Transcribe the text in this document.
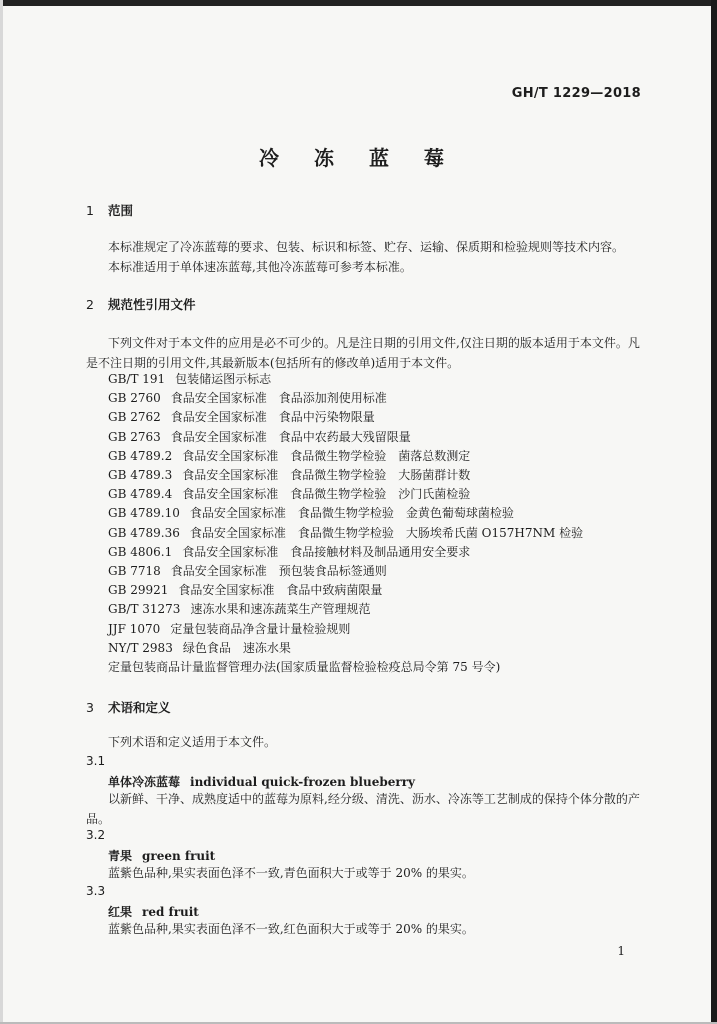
GH/T 1229—2018
冷 冻 蓝 莓
1 范围
本标准规定了冷冻蓝莓的要求、包装、标识和标签、贮存、运输、保质期和检验规则等技术内容。
本标准适用于单体速冻蓝莓,其他冷冻蓝莓可参考本标准。
2 规范性引用文件
下列文件对于本文件的应用是必不可少的。凡是注日期的引用文件,仅注日期的版本适用于本文件。凡是不注日期的引用文件,其最新版本(包括所有的修改单)适用于本文件。
GB/T 191 包装储运图示标志
GB 2760 食品安全国家标准　食品添加剂使用标准
GB 2762 食品安全国家标准　食品中污染物限量
GB 2763 食品安全国家标准　食品中农药最大残留限量
GB 4789.2 食品安全国家标准　食品微生物学检验　菌落总数测定
GB 4789.3 食品安全国家标准　食品微生物学检验　大肠菌群计数
GB 4789.4 食品安全国家标准　食品微生物学检验　沙门氏菌检验
GB 4789.10 食品安全国家标准　食品微生物学检验　金黄色葡萄球菌检验
GB 4789.36 食品安全国家标准　食品微生物学检验　大肠埃希氏菌 O157H7NM 检验
GB 4806.1 食品安全国家标准　食品接触材料及制品通用安全要求
GB 7718 食品安全国家标准　预包装食品标签通则
GB 29921 食品安全国家标准　食品中致病菌限量
GB/T 31273 速冻水果和速冻蔬菜生产管理规范
JJF 1070 定量包装商品净含量计量检验规则
NY/T 2983 绿色食品　速冻水果
定量包装商品计量监督管理办法(国家质量监督检验检疫总局令第 75 号令)
3 术语和定义
下列术语和定义适用于本文件。
3.1
单体冷冻蓝莓 individual quick-frozen blueberry
以新鲜、干净、成熟度适中的蓝莓为原料,经分级、清洗、沥水、冷冻等工艺制成的保持个体分散的产品。
3.2
青果 green fruit
蓝紫色品种,果实表面色泽不一致,青色面积大于或等于 20% 的果实。
3.3
红果 red fruit
蓝紫色品种,果实表面色泽不一致,红色面积大于或等于 20% 的果实。
1
